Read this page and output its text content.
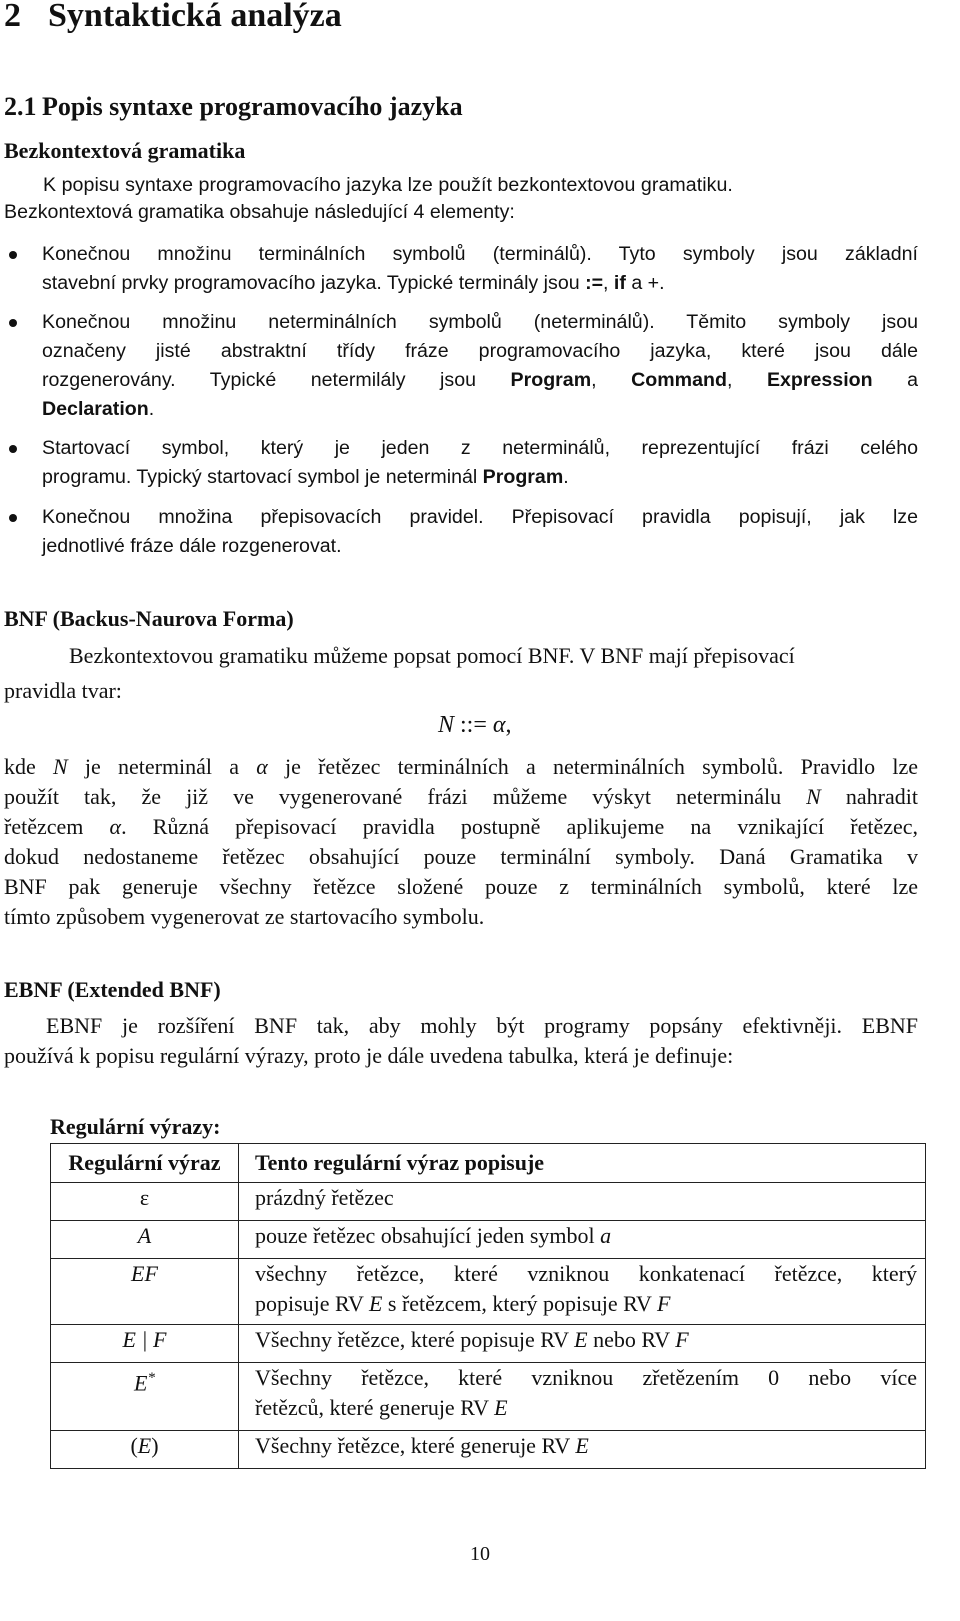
2 Syntaktická analýza
2.1 Popis syntaxe programovacího jazyka
Bezkontextová gramatika
K popisu syntaxe programovacího jazyka lze použít bezkontextovou gramatiku.
Bezkontextová gramatika obsahuje následující 4 elementy:
Konečnou množinu terminálních symbolů (terminálů). Tyto symboly jsou základní
stavební prvky programovacího jazyka. Typické terminály jsou :=, if a +.
Konečnou množinu neterminálních symbolů (neterminálů). Těmito symboly jsou
označeny jisté abstraktní třídy fráze programovacího jazyka, které jsou dále
rozgenerovány. Typické netermilály jsou Program, Command, Expression a
Declaration.
Startovací symbol, který je jeden z neterminálů, reprezentující frázi celého
programu. Typický startovací symbol je neterminál Program.
Konečnou množina přepisovacích pravidel. Přepisovací pravidla popisují, jak lze
jednotlivé fráze dále rozgenerovat.
BNF (Backus-Naurova Forma)
Bezkontextovou gramatiku můžeme popsat pomocí BNF. V BNF mají přepisovací
pravidla tvar:
N ::= α,
kde N je neterminál a α je řetězec terminálních a neterminálních symbolů. Pravidlo lze
použít tak, že již ve vygenerované frázi můžeme výskyt neterminálu N nahradit
řetězcem α. Různá přepisovací pravidla postupně aplikujeme na vznikající řetězec,
dokud nedostaneme řetězec obsahující pouze terminální symboly. Daná Gramatika v
BNF pak generuje všechny řetězce složené pouze z terminálních symbolů, které lze
tímto způsobem vygenerovat ze startovacího symbolu.
EBNF (Extended BNF)
EBNF je rozšíření BNF tak, aby mohly být programy popsány efektivněji. EBNF
používá k popisu regulární výrazy, proto je dále uvedena tabulka, která je definuje:
Regulární výrazy:
Regulární výraz	Tento regulární výraz popisuje
ε	prázdný řetězec
A	pouze řetězec obsahující jeden symbol a
EF	všechny řetězce, které vzniknou konkatenací řetězce, který
popisuje RV E s řetězcem, který popisuje RV F

E | F	Všechny řetězce, které popisuje RV E nebo RV F
E*	Všechny řetězce, které vzniknou zřetězením 0 nebo více
řetězců, které generuje RV E

(E)	Všechny řetězce, které generuje RV E
10
